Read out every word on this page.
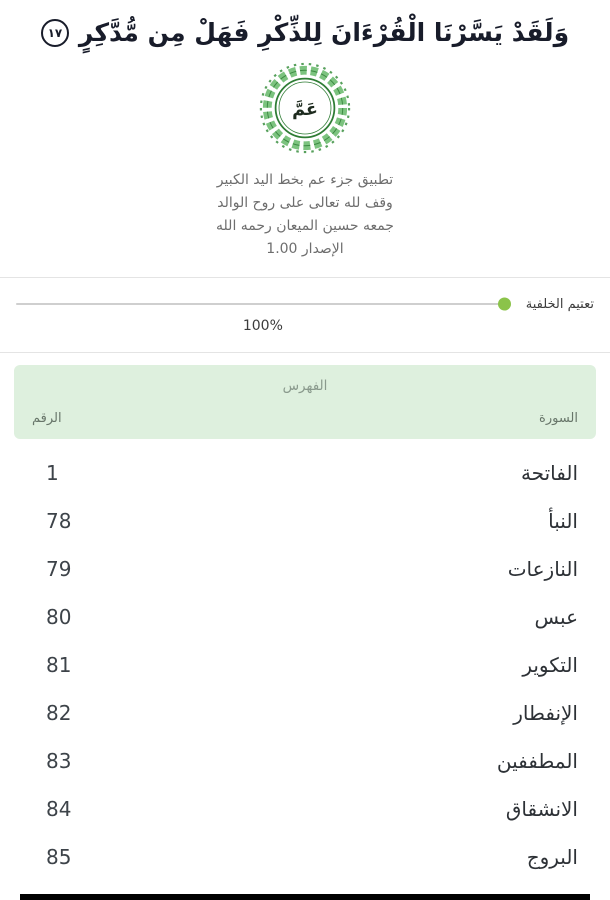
وَلَقَدْ يَسَّرْنَا الْقُرْءَانَ لِلذِّكْرِ فَهَلْ مِن مُّدَّكِرٍ
١٧
عَمَّ
تطبيق جزء عم بخط اليد الكبير
وقف لله تعالى على روح الوالد
جمعه حسين الميعان رحمه الله
الإصدار 1.00
تعتيم الخلفية
100%
الفهرس
السورة
الرقم
الفاتحة
1
النبأ
78
النازعات
79
عبس
80
التكوير
81
الإنفطار
82
المطففين
83
الانشقاق
84
البروج
85
